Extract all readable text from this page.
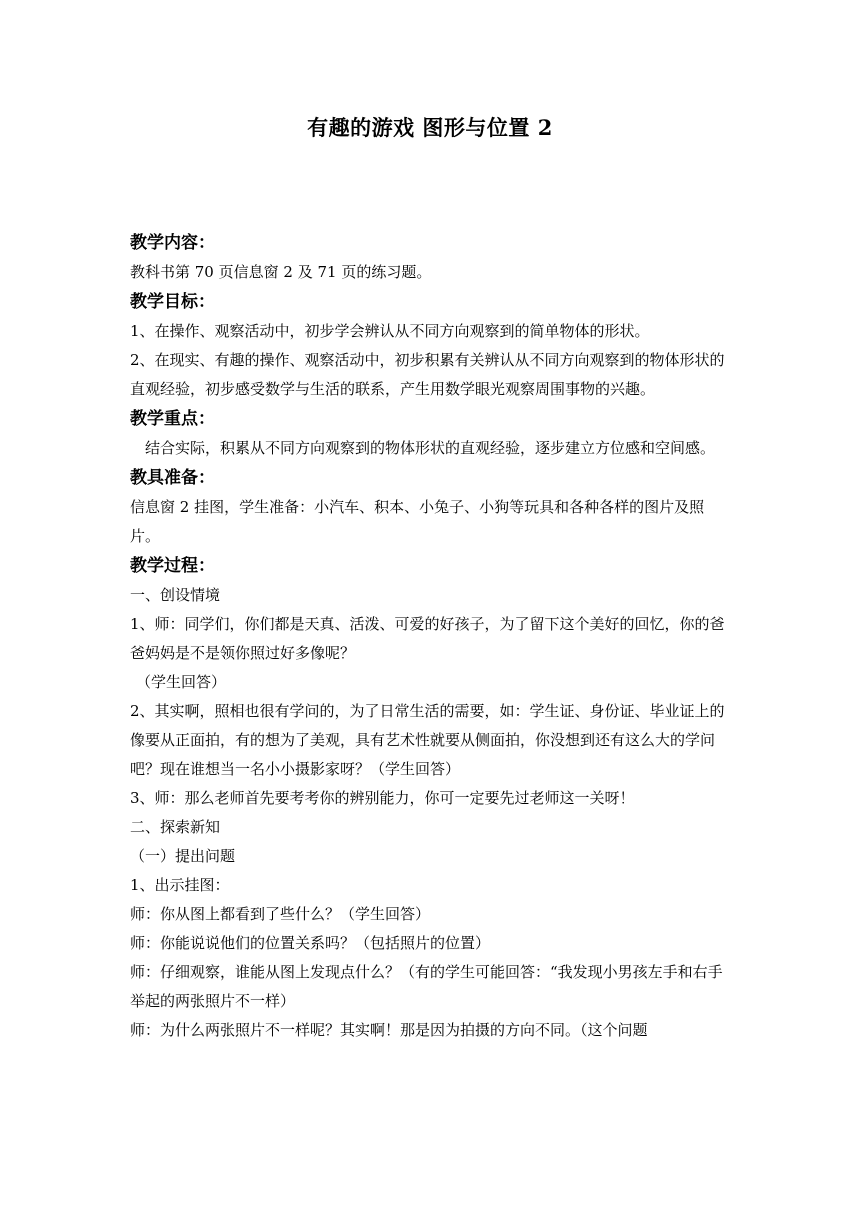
有趣的游戏 图形与位置 2
教学内容：

教科书第 70 页信息窗 2 及 71 页的练习题。

教学目标：

1、在操作、观察活动中，初步学会辨认从不同方向观察到的简单物体的形状。

2、在现实、有趣的操作、观察活动中，初步积累有关辨认从不同方向观察到的物体形状的直观经验，初步感受数学与生活的联系，产生用数学眼光观察周围事物的兴趣。

教学重点：

结合实际，积累从不同方向观察到的物体形状的直观经验，逐步建立方位感和空间感。

教具准备：

信息窗 2 挂图，学生准备：小汽车、积本、小兔子、小狗等玩具和各种各样的图片及照片。

教学过程：

一、创设情境

1、师：同学们，你们都是天真、活泼、可爱的好孩子，为了留下这个美好的回忆，你的爸爸妈妈是不是领你照过好多像呢？

（学生回答）

2、其实啊，照相也很有学问的，为了日常生活的需要，如：学生证、身份证、毕业证上的像要从正面拍，有的想为了美观，具有艺术性就要从侧面拍，你没想到还有这么大的学问吧？现在谁想当一名小小摄影家呀？（学生回答）

3、师：那么老师首先要考考你的辨别能力，你可一定要先过老师这一关呀！

二、探索新知

（一）提出问题

1、出示挂图：

师：你从图上都看到了些什么？（学生回答）

师：你能说说他们的位置关系吗？（包括照片的位置）

师：仔细观察，谁能从图上发现点什么？（有的学生可能回答：“我发现小男孩左手和右手举起的两张照片不一样）

师：为什么两张照片不一样呢？其实啊！那是因为拍摄的方向不同。（这个问题
